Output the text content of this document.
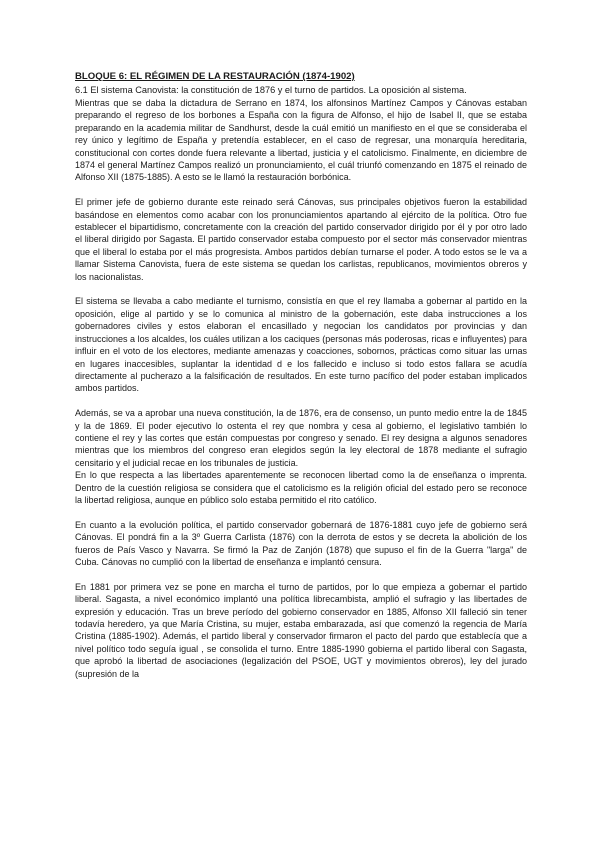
BLOQUE 6: EL RÉGIMEN DE LA RESTAURACIÓN (1874-1902)

6.1 El sistema Canovista: la constitución de 1876 y el turno de partidos. La oposición al sistema.

Mientras que se daba la dictadura de Serrano en 1874, los alfonsinos Martínez Campos y Cánovas estaban preparando el regreso de los borbones a España con la figura de Alfonso, el hijo de Isabel II, que se estaba preparando en la academia militar de Sandhurst, desde la cuál emitió un manifiesto en el que se consideraba el rey único y legítimo de España y pretendía establecer, en el caso de regresar, una monarquía hereditaria, constitucional con cortes donde fuera relevante a libertad, justicia y el catolicismo. Finalmente, en diciembre de 1874 el general Martínez Campos realizó un pronunciamiento, el cuál triunfó comenzando en 1875 el reinado de Alfonso XII (1875-1885). A esto se le llamó la restauración borbónica.

El primer jefe de gobierno durante este reinado será Cánovas, sus principales objetivos fueron la estabilidad basándose en elementos como acabar con los pronunciamientos apartando al ejército de la política. Otro fue establecer el bipartidismo, concretamente con la creación del partido conservador dirigido por él y por otro lado el liberal dirigido por Sagasta. El partido conservador estaba compuesto por el sector más conservador mientras que el liberal lo estaba por el más progresista. Ambos partidos debían turnarse el poder. A todo estos se le va a llamar Sistema Canovista, fuera de este sistema se quedan los carlistas, republicanos, movimientos obreros y los nacionalistas.

El sistema se llevaba a cabo mediante el turnismo, consistía en que el rey llamaba a gobernar al partido en la oposición, elige al partido y se lo comunica al ministro de la gobernación, este daba instrucciones a los gobernadores civiles y estos elaboran el encasillado y negocian los candidatos por provincias y dan instrucciones a los alcaldes, los cuáles utilizan a los caciques (personas más poderosas, ricas e influyentes) para influir en el voto de los electores, mediante amenazas y coacciones, sobornos, prácticas como situar las urnas en lugares inaccesibles, suplantar la identidad d e los fallecido e incluso si todo estos fallara se acudía directamente al pucherazo a la falsificación de resultados. En este turno pacífico del poder estaban implicados ambos partidos.

Además, se va a aprobar una nueva constitución, la de 1876, era de consenso, un punto medio entre la de 1845 y la de 1869. El poder ejecutivo lo ostenta el rey que nombra y cesa al gobierno, el legislativo también lo contiene el rey y las cortes que están compuestas por congreso y senado. El rey designa a algunos senadores mientras que los miembros del congreso eran elegidos según la ley electoral de 1878 mediante el sufragio censitario y el judicial recae en los tribunales de justicia.

En lo que respecta a las libertades aparentemente se reconocen libertad como la de enseñanza o imprenta. Dentro de la cuestión religiosa se considera que el catolicismo es la religión oficial del estado pero se reconoce la libertad religiosa, aunque en público solo estaba permitido el rito católico.

En cuanto a la evolución política, el partido conservador gobernará de 1876-1881 cuyo jefe de gobierno será Cánovas. El pondrá fin a la 3º Guerra Carlista (1876) con la derrota de estos y se decreta la abolición de los fueros de País Vasco y Navarra. Se firmó la Paz de Zanjón (1878) que supuso el fin de la Guerra "larga" de Cuba. Cánovas no cumplió con la libertad de enseñanza e implantó censura.

En 1881 por primera vez se pone en marcha el turno de partidos, por lo que empieza a gobernar el partido liberal. Sagasta, a nivel económico implantó una política librecambista, amplió el sufragio y las libertades de expresión y educación. Tras un breve período del gobierno conservador en 1885, Alfonso XII falleció sin tener todavía heredero, ya que María Cristina, su mujer, estaba embarazada, así que comenzó la regencia de María Cristina (1885-1902). Además, el partido liberal y conservador firmaron el pacto del pardo que establecía que a nivel político todo seguía igual , se consolida el turno. Entre 1885-1990 gobierna el partido liberal con Sagasta, que aprobó la libertad de asociaciones (legalización del PSOE, UGT y movimientos obreros), ley del jurado (supresión de la
